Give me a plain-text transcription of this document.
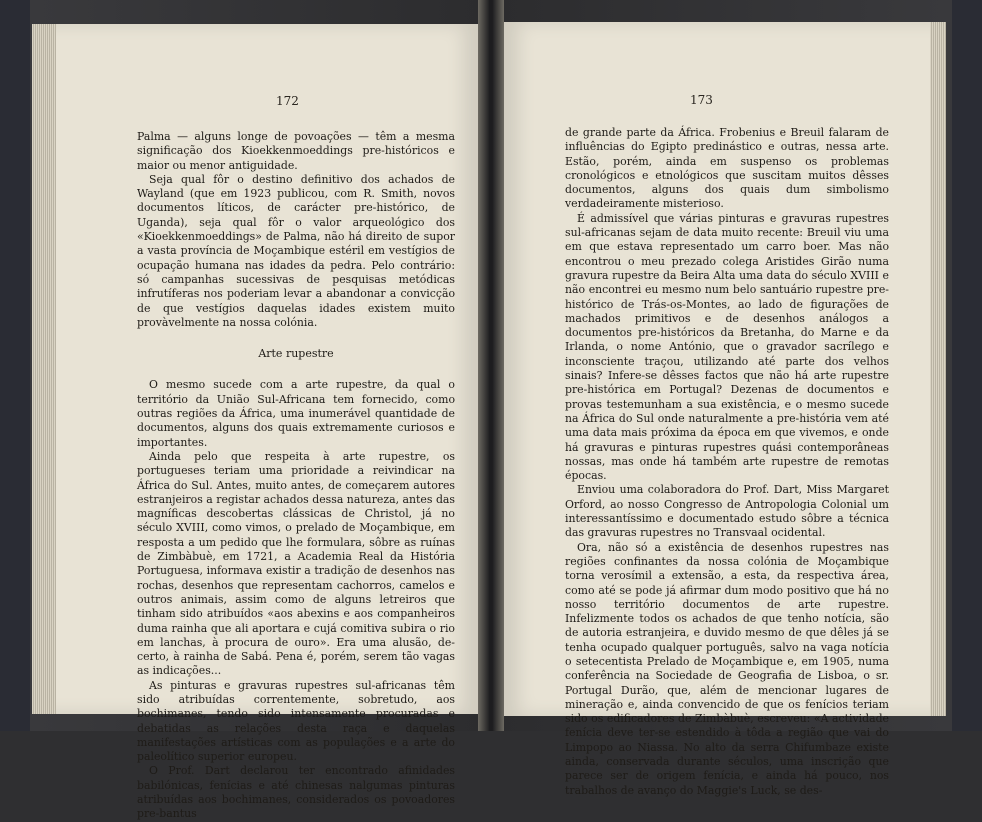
172

Palma — alguns longe de povoações — têm a mesma significação dos Kioekkenmoeddings pre-históricos e maior ou menor antiguidade.

Seja qual fôr o destino definitivo dos achados de Wayland (que em 1923 publicou, com R. Smith, novos documentos líticos, de carácter pre-histórico, de Uganda), seja qual fôr o valor arqueológico dos «Kioekkenmoeddings» de Palma, não há direito de supor a vasta província de Moçambique estéril em vestígios de ocupação humana nas idades da pedra. Pelo contrário: só campanhas sucessivas de pesquisas metódicas infrutíferas nos poderiam levar a abandonar a convicção de que vestígios daquelas idades existem muito provàvelmente na nossa colónia.

Arte rupestre

O mesmo sucede com a arte rupestre, da qual o território da União Sul-Africana tem fornecido, como outras regiões da África, uma inumerável quantidade de documentos, alguns dos quais extremamente curiosos e importantes.

Ainda pelo que respeita à arte rupestre, os portugueses teriam uma prioridade a reivindicar na África do Sul. Antes, muito antes, de começarem autores estranjeiros a registar achados dessa natureza, antes das magníficas descobertas clássicas de Christol, já no século XVIII, como vimos, o prelado de Moçambique, em resposta a um pedido que lhe formulara, sôbre as ruínas de Zimbàbuè, em 1721, a Academia Real da História Portuguesa, informava existir a tradição de desenhos nas rochas, desenhos que representam cachorros, camelos e outros animais, assim como de alguns letreiros que tinham sido atribuídos «aos abexins e aos companheiros duma rainha que ali aportara e cujá comitiva subira o rio em lanchas, à procura de ouro». Era uma alusão, de-certo, à rainha de Sabá. Pena é, porém, serem tão vagas as indicações...

As pinturas e gravuras rupestres sul-africanas têm sido atribuídas correntemente, sobretudo, aos bochimanes, tendo sido intensamente procuradas e debatidas as relações desta raça e daquelas manifestações artísticas com as populações e a arte do paleolítico superior europeu.

O Prof. Dart declarou ter encontrado afinidades babilónicas, fenícias e até chinesas nalgumas pinturas atribuídas aos bochimanes, considerados os povoadores pre-bantus

173

de grande parte da África. Frobenius e Breuil falaram de influências do Egipto predinástico e outras, nessa arte. Estão, porém, ainda em suspenso os problemas cronológicos e etnológicos que suscitam muitos dêsses documentos, alguns dos quais dum simbolismo verdadeiramente misterioso.

É admissível que várias pinturas e gravuras rupestres sul-africanas sejam de data muito recente: Breuil viu uma em que estava representado um carro boer. Mas não encontrou o meu prezado colega Aristides Girão numa gravura rupestre da Beira Alta uma data do século XVIII e não encontrei eu mesmo num belo santuário rupestre pre-histórico de Trás-os-Montes, ao lado de figurações de machados primitivos e de desenhos análogos a documentos pre-históricos da Bretanha, do Marne e da Irlanda, o nome António, que o gravador sacrílego e inconsciente traçou, utilizando até parte dos velhos sinais? Infere-se dêsses factos que não há arte rupestre pre-histórica em Portugal? Dezenas de documentos e provas testemunham a sua existência, e o mesmo sucede na África do Sul onde naturalmente a pre-história vem até uma data mais próxima da época em que vivemos, e onde há gravuras e pinturas rupestres quási contemporâneas nossas, mas onde há também arte rupestre de remotas épocas.

Enviou uma colaboradora do Prof. Dart, Miss Margaret Orford, ao nosso Congresso de Antropologia Colonial um interessantíssimo e documentado estudo sôbre a técnica das gravuras rupestres no Transvaal ocidental.

Ora, não só a existência de desenhos rupestres nas regiões confinantes da nossa colónia de Moçambique torna verosímil a extensão, a esta, da respectiva área, como até se pode já afirmar dum modo positivo que há no nosso território documentos de arte rupestre. Infelizmente todos os achados de que tenho notícia, são de autoria estranjeira, e duvido mesmo de que dêles já se tenha ocupado qualquer português, salvo na vaga notícia o setecentista Prelado de Moçambique e, em 1905, numa conferência na Sociedade de Geografia de Lisboa, o sr. Portugal Durão, que, além de mencionar lugares de mineração e, ainda convencido de que os fenícios teriam sido os edificadores de Zimbàbuè, escreveu: «A actividade fenícia deve ter-se estendido à tôda a região que vai do Limpopo ao Niassa. No alto da serra Chifumbaze existe ainda, conservada durante séculos, uma inscrição que parece ser de origem fenícia, e ainda há pouco, nos trabalhos de avanço do Maggie's Luck, se des-
